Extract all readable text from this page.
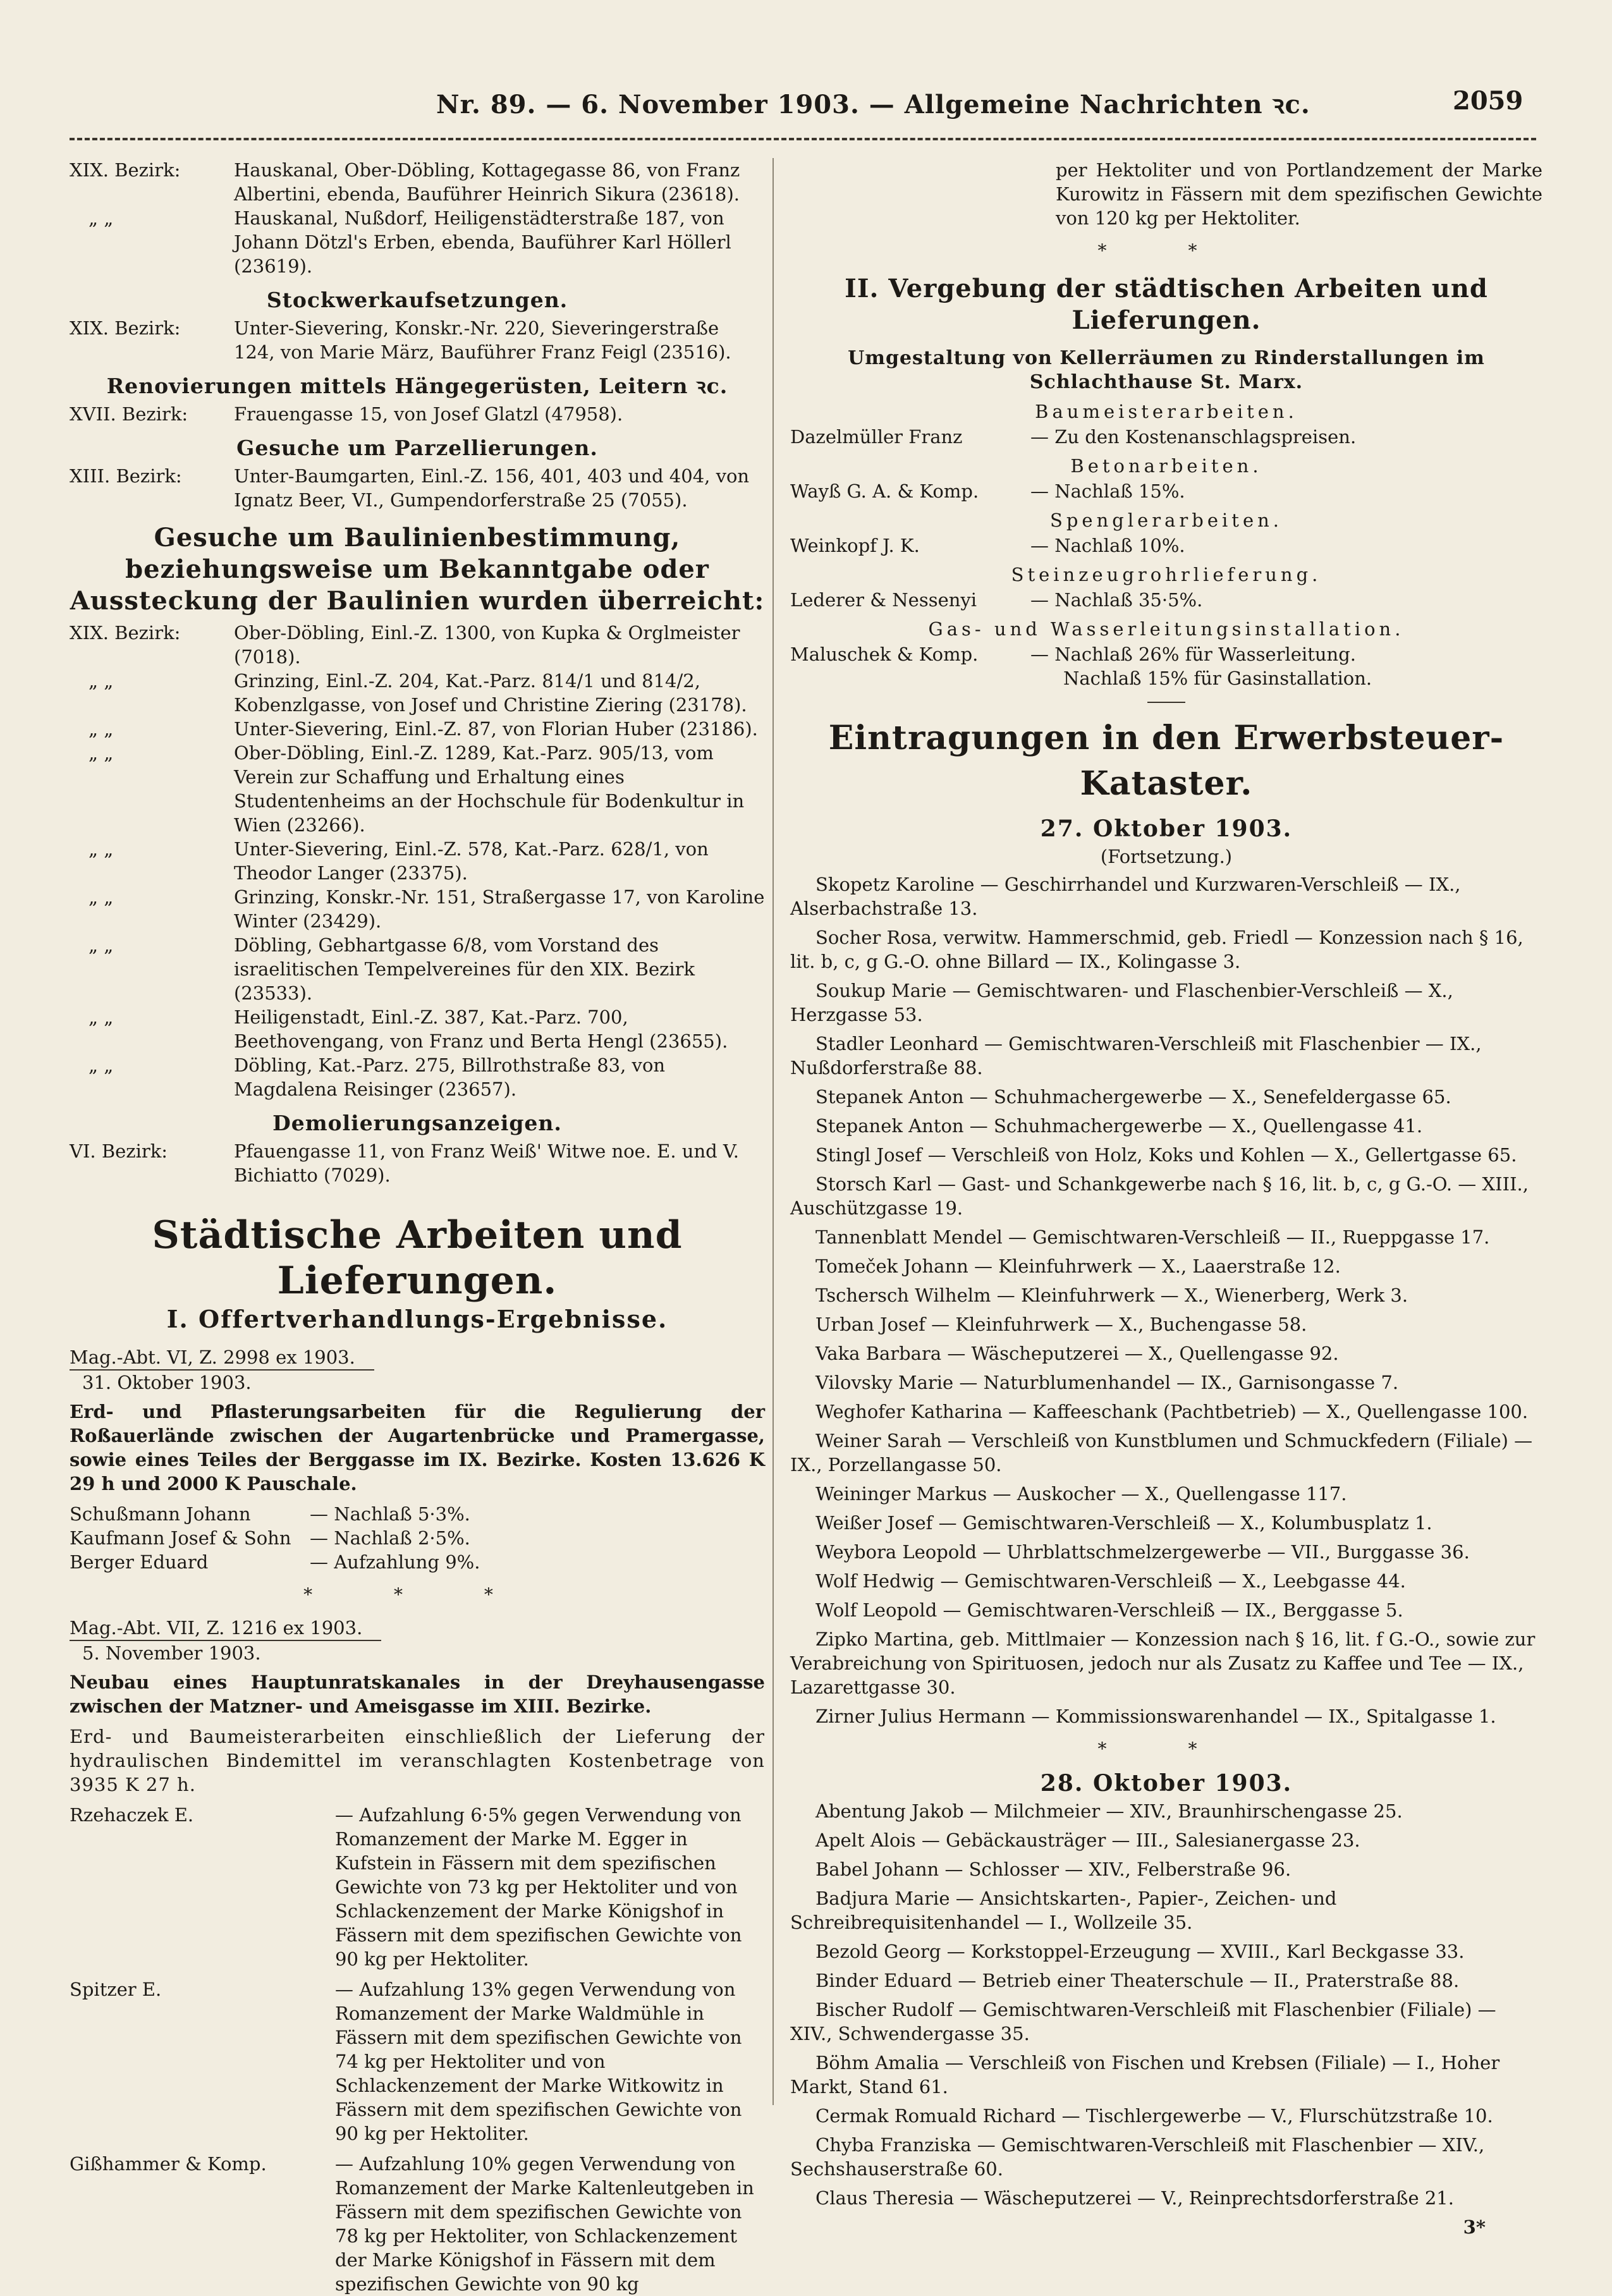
Nr. 89. — 6. November 1903. — Allgemeine Nachrichten ꝛc.	2059

XIX. Bezirk:	Hauskanal, Ober-Döbling, Kottagegasse 86, von Franz Albertini, ebenda, Bauführer Heinrich Sikura (23618).

„ „	Hauskanal, Nußdorf, Heiligenstädterstraße 187, von Johann Dötzl's Erben, ebenda, Bauführer Karl Höllerl (23619).

Stockwerkaufsetzungen.

XIX. Bezirk:	Unter-Sievering, Konskr.-Nr. 220, Sieveringerstraße 124, von Marie März, Bauführer Franz Feigl (23516).

Renovierungen mittels Hängegerüsten, Leitern ꝛc.

XVII. Bezirk:	Frauengasse 15, von Josef Glatzl (47958).

Gesuche um Parzellierungen.

XIII. Bezirk:	Unter-Baumgarten, Einl.-Z. 156, 401, 403 und 404, von Ignatz Beer, VI., Gumpendorferstraße 25 (7055).

Gesuche um Baulinienbestimmung, beziehungsweise um Bekanntgabe oder Aussteckung der Baulinien wurden überreicht:

XIX. Bezirk:	Ober-Döbling, Einl.-Z. 1300, von Kupka & Orglmeister (7018).

„ „	Grinzing, Einl.-Z. 204, Kat.-Parz. 814/1 und 814/2, Kobenzlgasse, von Josef und Christine Ziering (23178).

„ „	Unter-Sievering, Einl.-Z. 87, von Florian Huber (23186).

„ „	Ober-Döbling, Einl.-Z. 1289, Kat.-Parz. 905/13, vom Verein zur Schaffung und Erhaltung eines Studentenheims an der Hochschule für Bodenkultur in Wien (23266).

„ „	Unter-Sievering, Einl.-Z. 578, Kat.-Parz. 628/1, von Theodor Langer (23375).

„ „	Grinzing, Konskr.-Nr. 151, Straßergasse 17, von Karoline Winter (23429).

„ „	Döbling, Gebhartgasse 6/8, vom Vorstand des israelitischen Tempelvereines für den XIX. Bezirk (23533).

„ „	Heiligenstadt, Einl.-Z. 387, Kat.-Parz. 700, Beethovengang, von Franz und Berta Hengl (23655).

„ „	Döbling, Kat.-Parz. 275, Billrothstraße 83, von Magdalena Reisinger (23657).

Demolierungsanzeigen.

VI. Bezirk:	Pfauengasse 11, von Franz Weiß' Witwe noe. E. und V. Bichiatto (7029).

Städtische Arbeiten und Lieferungen.
I. Offertverhandlungs-Ergebnisse.
Mag.-Abt. VI, Z. 2998 ex 1903.
31. Oktober 1903.

Erd- und Pflasterungsarbeiten für die Regulierung der Roßauerlände zwischen der Augartenbrücke und Pramergasse, sowie eines Teiles der Berggasse im IX. Bezirke. Kosten 13.626 K 29 h und 2000 K Pauschale.

Schußmann Johann	— Nachlaß 5·3%.
Kaufmann Josef & Sohn	— Nachlaß 2·5%.
Berger Eduard	— Aufzahlung 9%.
* * *
Mag.-Abt. VII, Z. 1216 ex 1903.
5. November 1903.

Neubau eines Hauptunratskanales in der Dreyhausengasse zwischen der Matzner- und Ameisgasse im XIII. Bezirke.

Erd- und Baumeisterarbeiten einschließlich der Lieferung der hydraulischen Bindemittel im veranschlagten Kostenbetrage von 3935 K 27 h.

Rzehaczek E.	— Aufzahlung 6·5% gegen Verwendung von Romanzement der Marke M. Egger in Kufstein in Fässern mit dem spezifischen Gewichte von 73 kg per Hektoliter und von Schlackenzement der Marke Königshof in Fässern mit dem spezifischen Gewichte von 90 kg per Hektoliter.
Spitzer E.	— Aufzahlung 13% gegen Verwendung von Romanzement der Marke Waldmühle in Fässern mit dem spezifischen Gewichte von 74 kg per Hektoliter und von Schlackenzement der Marke Witkowitz in Fässern mit dem spezifischen Gewichte von 90 kg per Hektoliter.
Gißhammer & Komp.	— Aufzahlung 10% gegen Verwendung von Romanzement der Marke Kaltenleutgeben in Fässern mit dem spezifischen Gewichte von 78 kg per Hektoliter, von Schlackenzement der Marke Königshof in Fässern mit dem spezifischen Gewichte von 90 kg

per Hektoliter und von Portlandzement der Marke Kurowitz in Fässern mit dem spezifischen Gewichte von 120 kg per Hektoliter.

* *
II. Vergebung der städtischen Arbeiten und Lieferungen.
Umgestaltung von Kellerräumen zu Rinderstallungen im Schlachthause St. Marx.
Baumeisterarbeiten.
Dazelmüller Franz	— Zu den Kostenanschlagspreisen.
Betonarbeiten.
Wayß G. A. & Komp.	— Nachlaß 15%.
Spenglerarbeiten.
Weinkopf J. K.	— Nachlaß 10%.
Steinzeugrohrlieferung.
Lederer & Nessenyi	— Nachlaß 35·5%.
Gas- und Wasserleitungsinstallation.
Maluschek & Komp.	— Nachlaß 26% für Wasserleitung.
Nachlaß 15% für Gasinstallation.
Eintragungen in den Erwerbsteuer-Kataster.
27. Oktober 1903.
(Fortsetzung.)

Skopetz Karoline — Geschirrhandel und Kurzwaren-Verschleiß — IX., Alserbachstraße 13.

Socher Rosa, verwitw. Hammerschmid, geb. Friedl — Konzession nach § 16, lit. b, c, g G.-O. ohne Billard — IX., Kolingasse 3.

Soukup Marie — Gemischtwaren- und Flaschenbier-Verschleiß — X., Herzgasse 53.

Stadler Leonhard — Gemischtwaren-Verschleiß mit Flaschenbier — IX., Nußdorferstraße 88.

Stepanek Anton — Schuhmachergewerbe — X., Senefeldergasse 65.

Stepanek Anton — Schuhmachergewerbe — X., Quellengasse 41.

Stingl Josef — Verschleiß von Holz, Koks und Kohlen — X., Gellertgasse 65.

Storsch Karl — Gast- und Schankgewerbe nach § 16, lit. b, c, g G.-O. — XIII., Auschützgasse 19.

Tannenblatt Mendel — Gemischtwaren-Verschleiß — II., Rueppgasse 17.

Tomeček Johann — Kleinfuhrwerk — X., Laaerstraße 12.

Tschersch Wilhelm — Kleinfuhrwerk — X., Wienerberg, Werk 3.

Urban Josef — Kleinfuhrwerk — X., Buchengasse 58.

Vaka Barbara — Wäscheputzerei — X., Quellengasse 92.

Vilovsky Marie — Naturblumenhandel — IX., Garnisongasse 7.

Weghofer Katharina — Kaffeeschank (Pachtbetrieb) — X., Quellengasse 100.

Weiner Sarah — Verschleiß von Kunstblumen und Schmuckfedern (Filiale) — IX., Porzellangasse 50.

Weininger Markus — Auskocher — X., Quellengasse 117.

Weißer Josef — Gemischtwaren-Verschleiß — X., Kolumbusplatz 1.

Weybora Leopold — Uhrblattschmelzergewerbe — VII., Burggasse 36.

Wolf Hedwig — Gemischtwaren-Verschleiß — X., Leebgasse 44.

Wolf Leopold — Gemischtwaren-Verschleiß — IX., Berggasse 5.

Zipko Martina, geb. Mittlmaier — Konzession nach § 16, lit. f G.-O., sowie zur Verabreichung von Spirituosen, jedoch nur als Zusatz zu Kaffee und Tee — IX., Lazarettgasse 30.

Zirner Julius Hermann — Kommissionswarenhandel — IX., Spitalgasse 1.

* *
28. Oktober 1903.

Abentung Jakob — Milchmeier — XIV., Braunhirschengasse 25.

Apelt Alois — Gebäckausträger — III., Salesianergasse 23.

Babel Johann — Schlosser — XIV., Felberstraße 96.

Badjura Marie — Ansichtskarten-, Papier-, Zeichen- und Schreibrequisitenhandel — I., Wollzeile 35.

Bezold Georg — Korkstoppel-Erzeugung — XVIII., Karl Beckgasse 33.

Binder Eduard — Betrieb einer Theaterschule — II., Praterstraße 88.

Bischer Rudolf — Gemischtwaren-Verschleiß mit Flaschenbier (Filiale) — XIV., Schwendergasse 35.

Böhm Amalia — Verschleiß von Fischen und Krebsen (Filiale) — I., Hoher Markt, Stand 61.

Cermak Romuald Richard — Tischlergewerbe — V., Flurschützstraße 10.

Chyba Franziska — Gemischtwaren-Verschleiß mit Flaschenbier — XIV., Sechshauserstraße 60.

Claus Theresia — Wäscheputzerei — V., Reinprechtsdorferstraße 21.

3*
